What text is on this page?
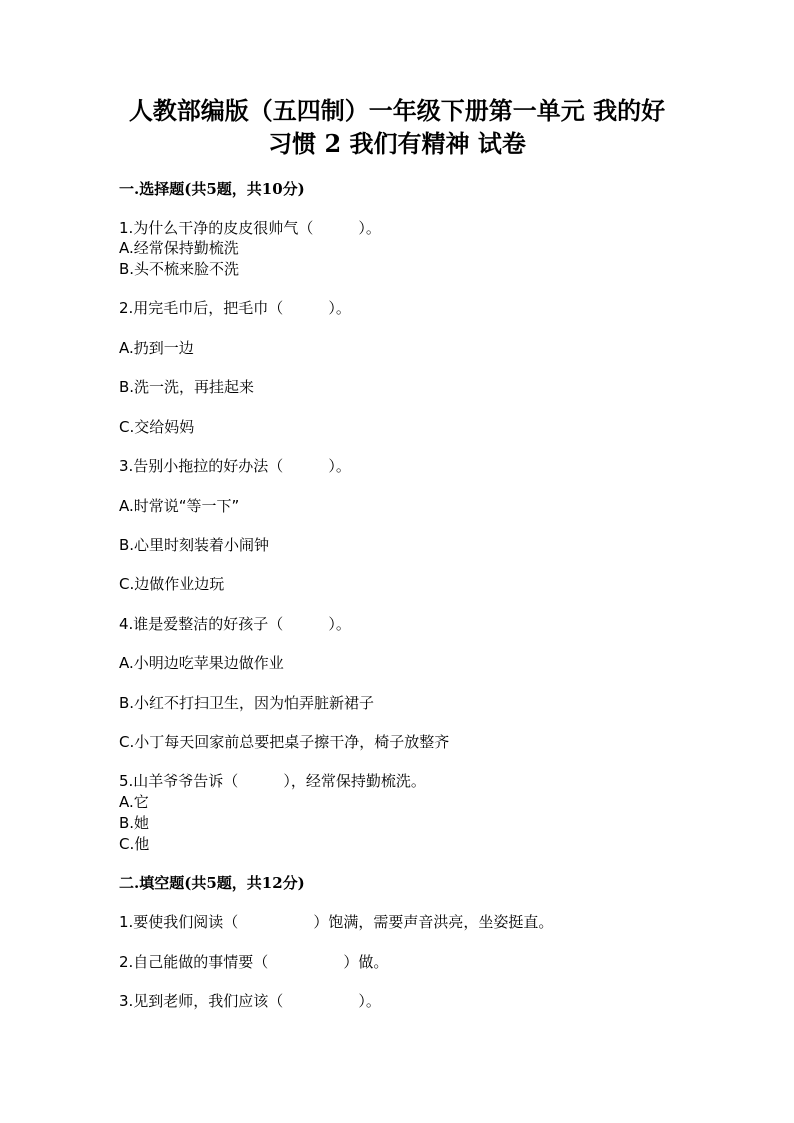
人教部编版（五四制）一年级下册第一单元 我的好
习惯 2 我们有精神 试卷
一.选择题(共5题，共10分)
1.为什么干净的皮皮很帅气（　　　）。
A.经常保持勤梳洗
B.头不梳来脸不洗
2.用完毛巾后，把毛巾（　　　）。
A.扔到一边
B.洗一洗，再挂起来
C.交给妈妈
3.告别小拖拉的好办法（　　　）。
A.时常说“等一下”
B.心里时刻装着小闹钟
C.边做作业边玩
4.谁是爱整洁的好孩子（　　　）。
A.小明边吃苹果边做作业
B.小红不打扫卫生，因为怕弄脏新裙子
C.小丁每天回家前总要把桌子擦干净，椅子放整齐
5.山羊爷爷告诉（　　　），经常保持勤梳洗。
A.它
B.她
C.他
二.填空题(共5题，共12分)
1.要使我们阅读（　　　　　）饱满，需要声音洪亮，坐姿挺直。
2.自己能做的事情要（　　　　　）做。
3.见到老师，我们应该（　　　　　）。
